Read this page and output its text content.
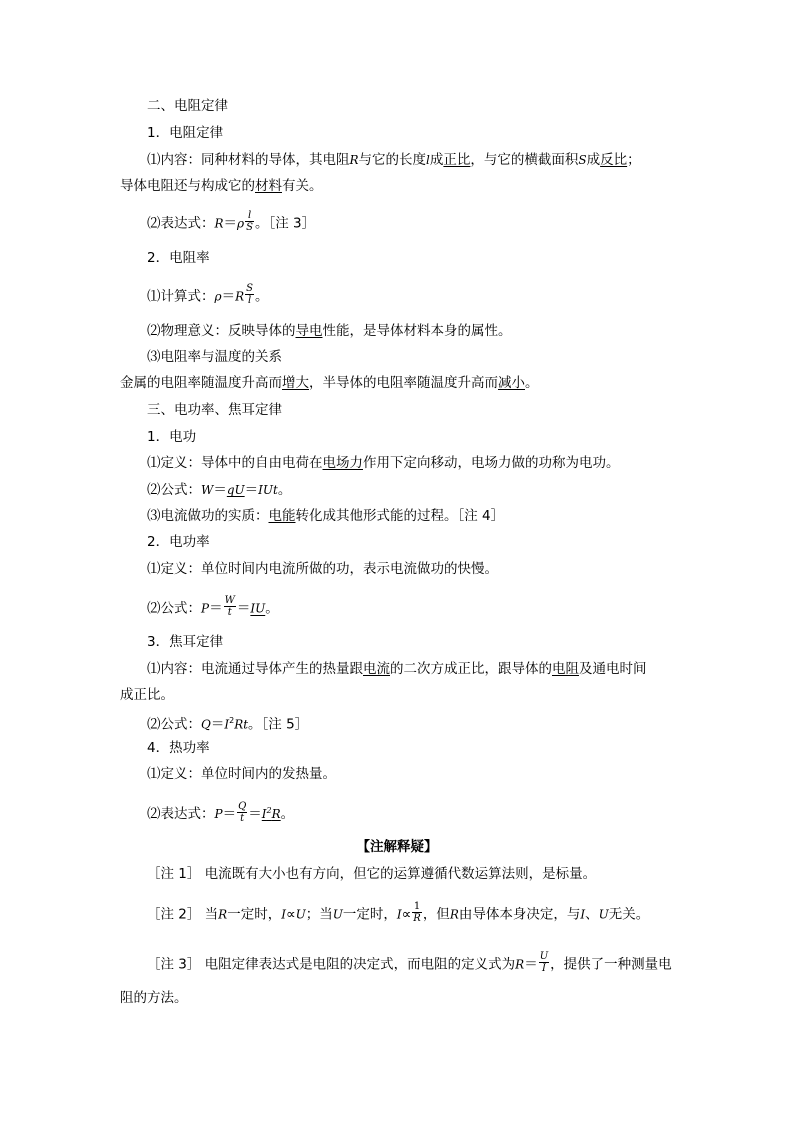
二、电阻定律
1．电阻定律
⑴内容：同种材料的导体，其电阻R与它的长度l成正比，与它的横截面积S成反比；
导体电阻还与构成它的材料有关。
⑵表达式：$R=\rho \frac{l}{S}$ 。［注 3］
2．电阻率
⑴计算式：$\rho=R \frac{S}{l}$ 。
⑵物理意义：反映导体的导电性能，是导体材料本身的属性。
⑶电阻率与温度的关系
金属的电阻率随温度升高而增大，半导体的电阻率随温度升高而减小。
三、电功率、焦耳定律
1．电功
⑴定义：导体中的自由电荷在电场力作用下定向移动，电场力做的功称为电功。
⑵公式：W＝qU＝IUt。
⑶电流做功的实质：电能转化成其他形式能的过程。［注 4］
2．电功率
⑴定义：单位时间内电流所做的功，表示电流做功的快慢。
⑵公式：$P= \frac{W}{t} =IU$。
3．焦耳定律
⑴内容：电流通过导体产生的热量跟电流的二次方成正比，跟导体的电阻及通电时间
成正比。
⑵公式：$Q=I^2Rt$。［注 5］
4．热功率
⑴定义：单位时间内的发热量。
⑵表达式：$P= \frac{Q}{t} =I^2R$。
【注解释疑】
［注 1］ 电流既有大小也有方向，但它的运算遵循代数运算法则，是标量。
［注 2］ 当R一定时，I∝U；当U一定时，$I\propto \frac{1}{R}$ ，但R由导体本身决定，与I、U无关。
［注 3］ 电阻定律表达式是电阻的决定式，而电阻的定义式为$R= \frac{U}{I}$ ，提供了一种测量电
阻的方法。
